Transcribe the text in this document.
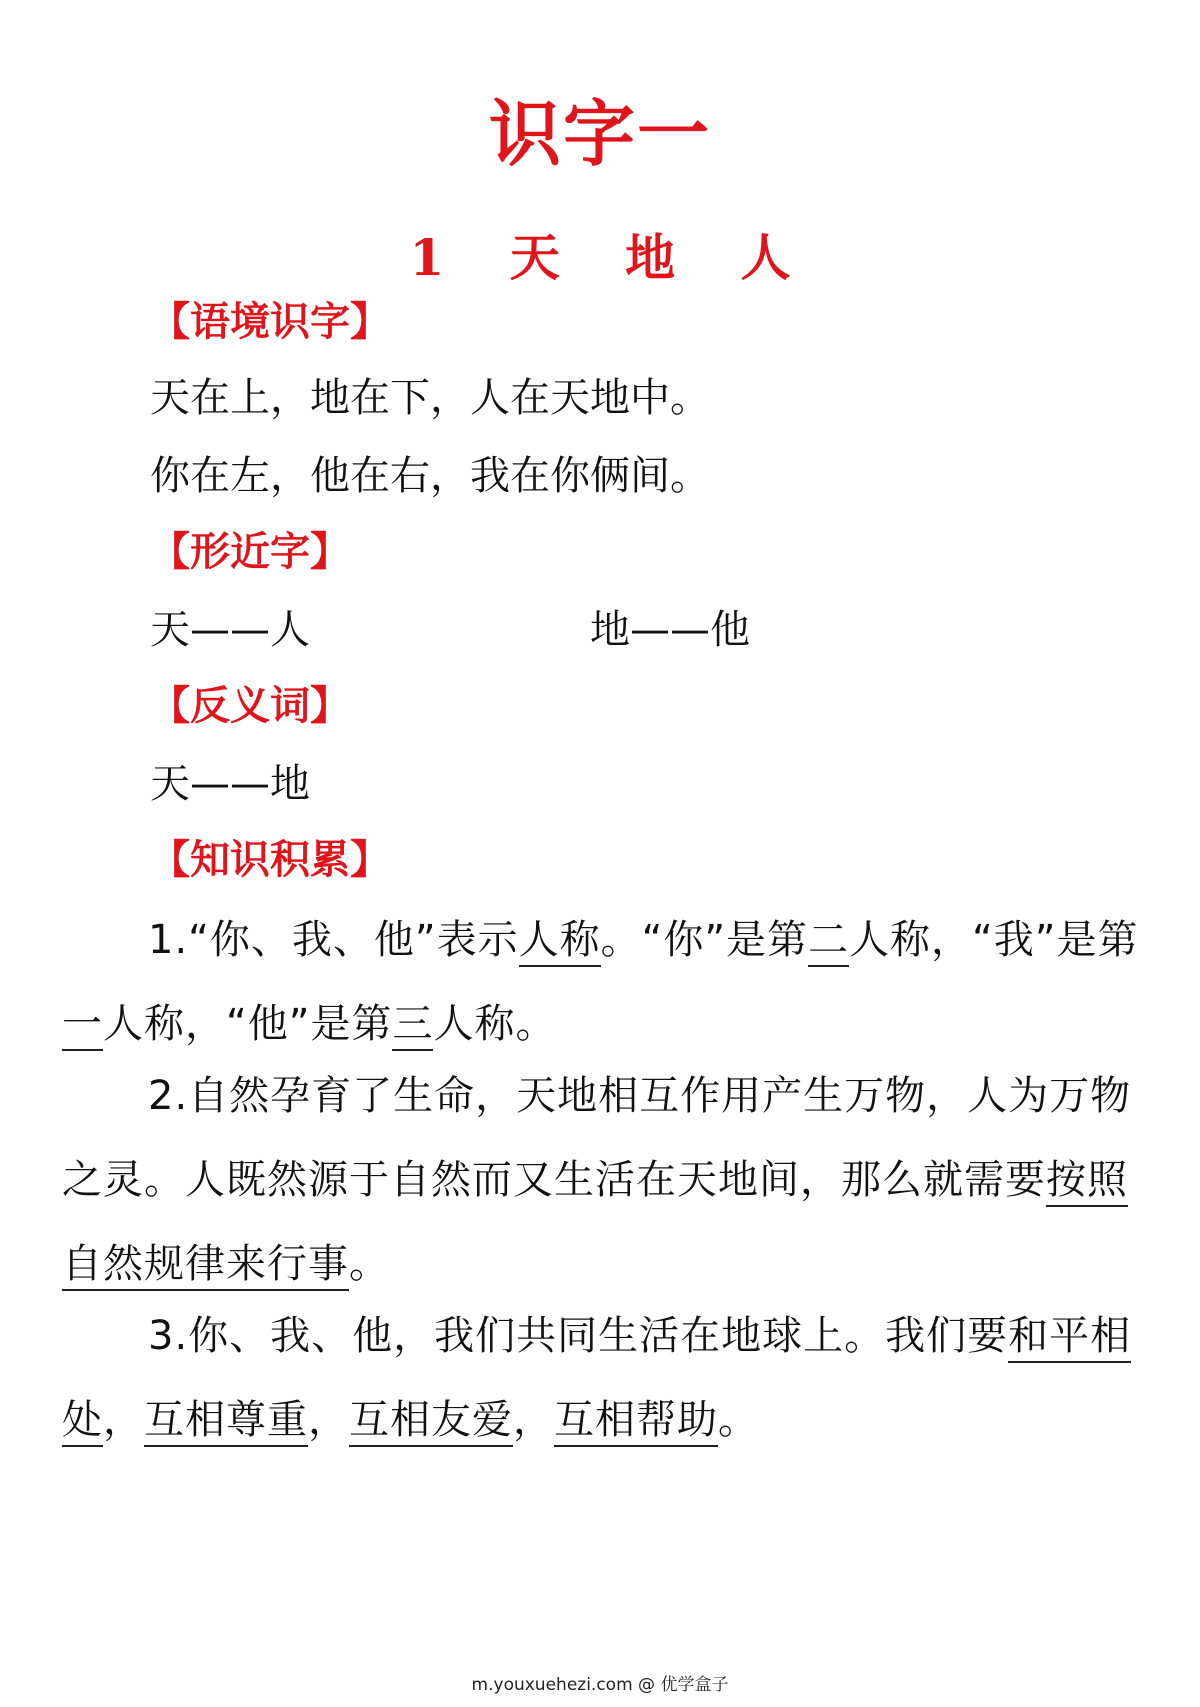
识字一
1 天 地 人
【语境识字】
天在上，地在下，人在天地中。
你在左，他在右，我在你俩间。
【形近字】
天——人	地——他
【反义词】
天——地
【知识积累】
1.“你、我、他”表示人称。“你”是第二人称，“我”是第一人称，“他”是第三人称。
2.自然孕育了生命，天地相互作用产生万物，人为万物之灵。人既然源于自然而又生活在天地间，那么就需要按照自然规律来行事。
3.你、我、他，我们共同生活在地球上。我们要和平相处，互相尊重，互相友爱，互相帮助。
m.youxuehezi.com @ 优学盒子
